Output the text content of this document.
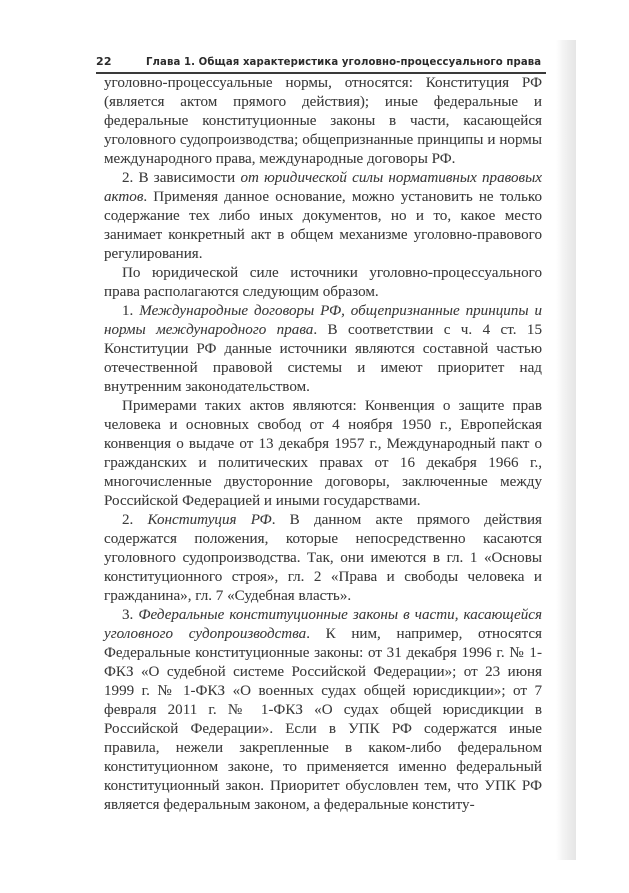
22	Глава 1. Общая характеристика уголовно-процессуального права

уголовно-процессуальные нормы, относятся: Конституция РФ (является актом прямого действия); иные федеральные и федеральные конституционные законы в части, касающейся уголовного судопроизводства; общепризнанные принципы и нормы международного права, международные договоры РФ.

2. В зависимости от юридической силы нормативных правовых актов. Применяя данное основание, можно установить не только содержание тех либо иных документов, но и то, какое место занимает конкретный акт в общем механизме уголовно-правового регулирования.

По юридической силе источники уголовно-процессуального права располагаются следующим образом.

1. Международные договоры РФ, общепризнанные принципы и нормы международного права. В соответствии с ч. 4 ст. 15 Конституции РФ данные источники являются составной частью отечественной правовой системы и имеют приоритет над внутренним законодательством.

Примерами таких актов являются: Конвенция о защите прав человека и основных свобод от 4 ноября 1950 г., Европейская конвенция о выдаче от 13 декабря 1957 г., Международный пакт о гражданских и политических правах от 16 декабря 1966 г., многочисленные двусторонние договоры, заключенные между Российской Федерацией и иными государствами.

2. Конституция РФ. В данном акте прямого действия содержатся положения, которые непосредственно касаются уголовного судопроизводства. Так, они имеются в гл. 1 «Основы конституционного строя», гл. 2 «Права и свободы человека и гражданина», гл. 7 «Судебная власть».

3. Федеральные конституционные законы в части, касающейся уголовного судопроизводства. К ним, например, относятся Федеральные конституционные законы: от 31 декабря 1996 г. № 1-ФКЗ «О судебной системе Российской Федерации»; от 23 июня 1999 г. № 1-ФКЗ «О военных судах общей юрисдикции»; от 7 февраля 2011 г. № 1-ФКЗ «О судах общей юрисдикции в Российской Федерации». Если в УПК РФ содержатся иные правила, нежели закрепленные в каком-либо федеральном конституционном законе, то применяется именно федеральный конституционный закон. Приоритет обусловлен тем, что УПК РФ является федеральным законом, а федеральные конститу-
